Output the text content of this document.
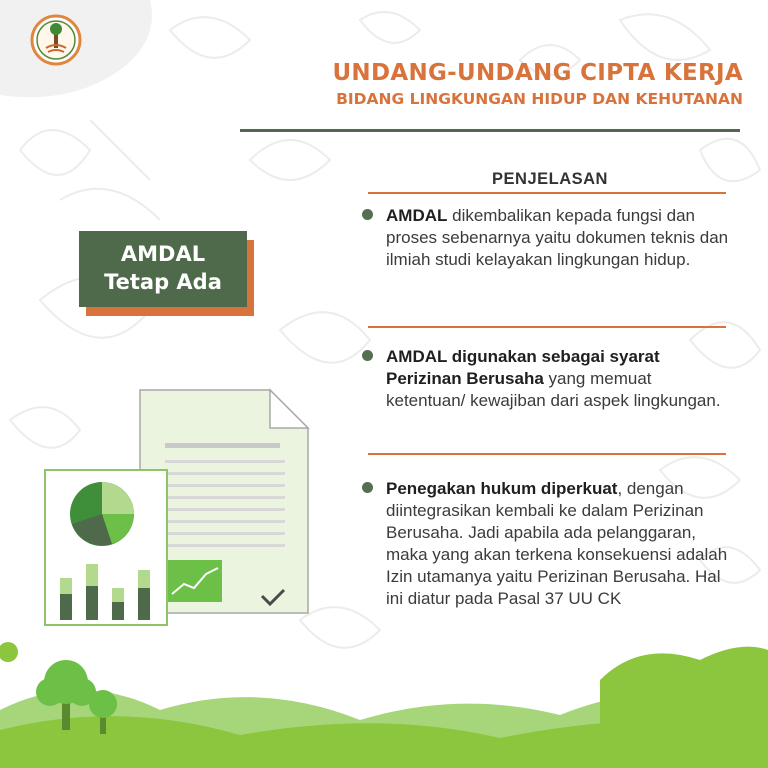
UNDANG-UNDANG CIPTA KERJA
BIDANG LINGKUNGAN HIDUP DAN KEHUTANAN
AMDAL
Tetap Ada
PENJELASAN
AMDAL dikembalikan kepada fungsi dan proses sebenarnya yaitu dokumen teknis dan ilmiah studi kelayakan lingkungan hidup.
AMDAL digunakan sebagai syarat Perizinan Berusaha yang memuat ketentuan/ kewajiban dari aspek lingkungan.
Penegakan hukum diperkuat, dengan diintegrasikan kembali ke dalam Perizinan Berusaha. Jadi apabila ada pelanggaran, maka yang akan terkena konsekuensi adalah Izin utamanya yaitu Perizinan Berusaha. Hal ini diatur pada Pasal 37 UU CK
